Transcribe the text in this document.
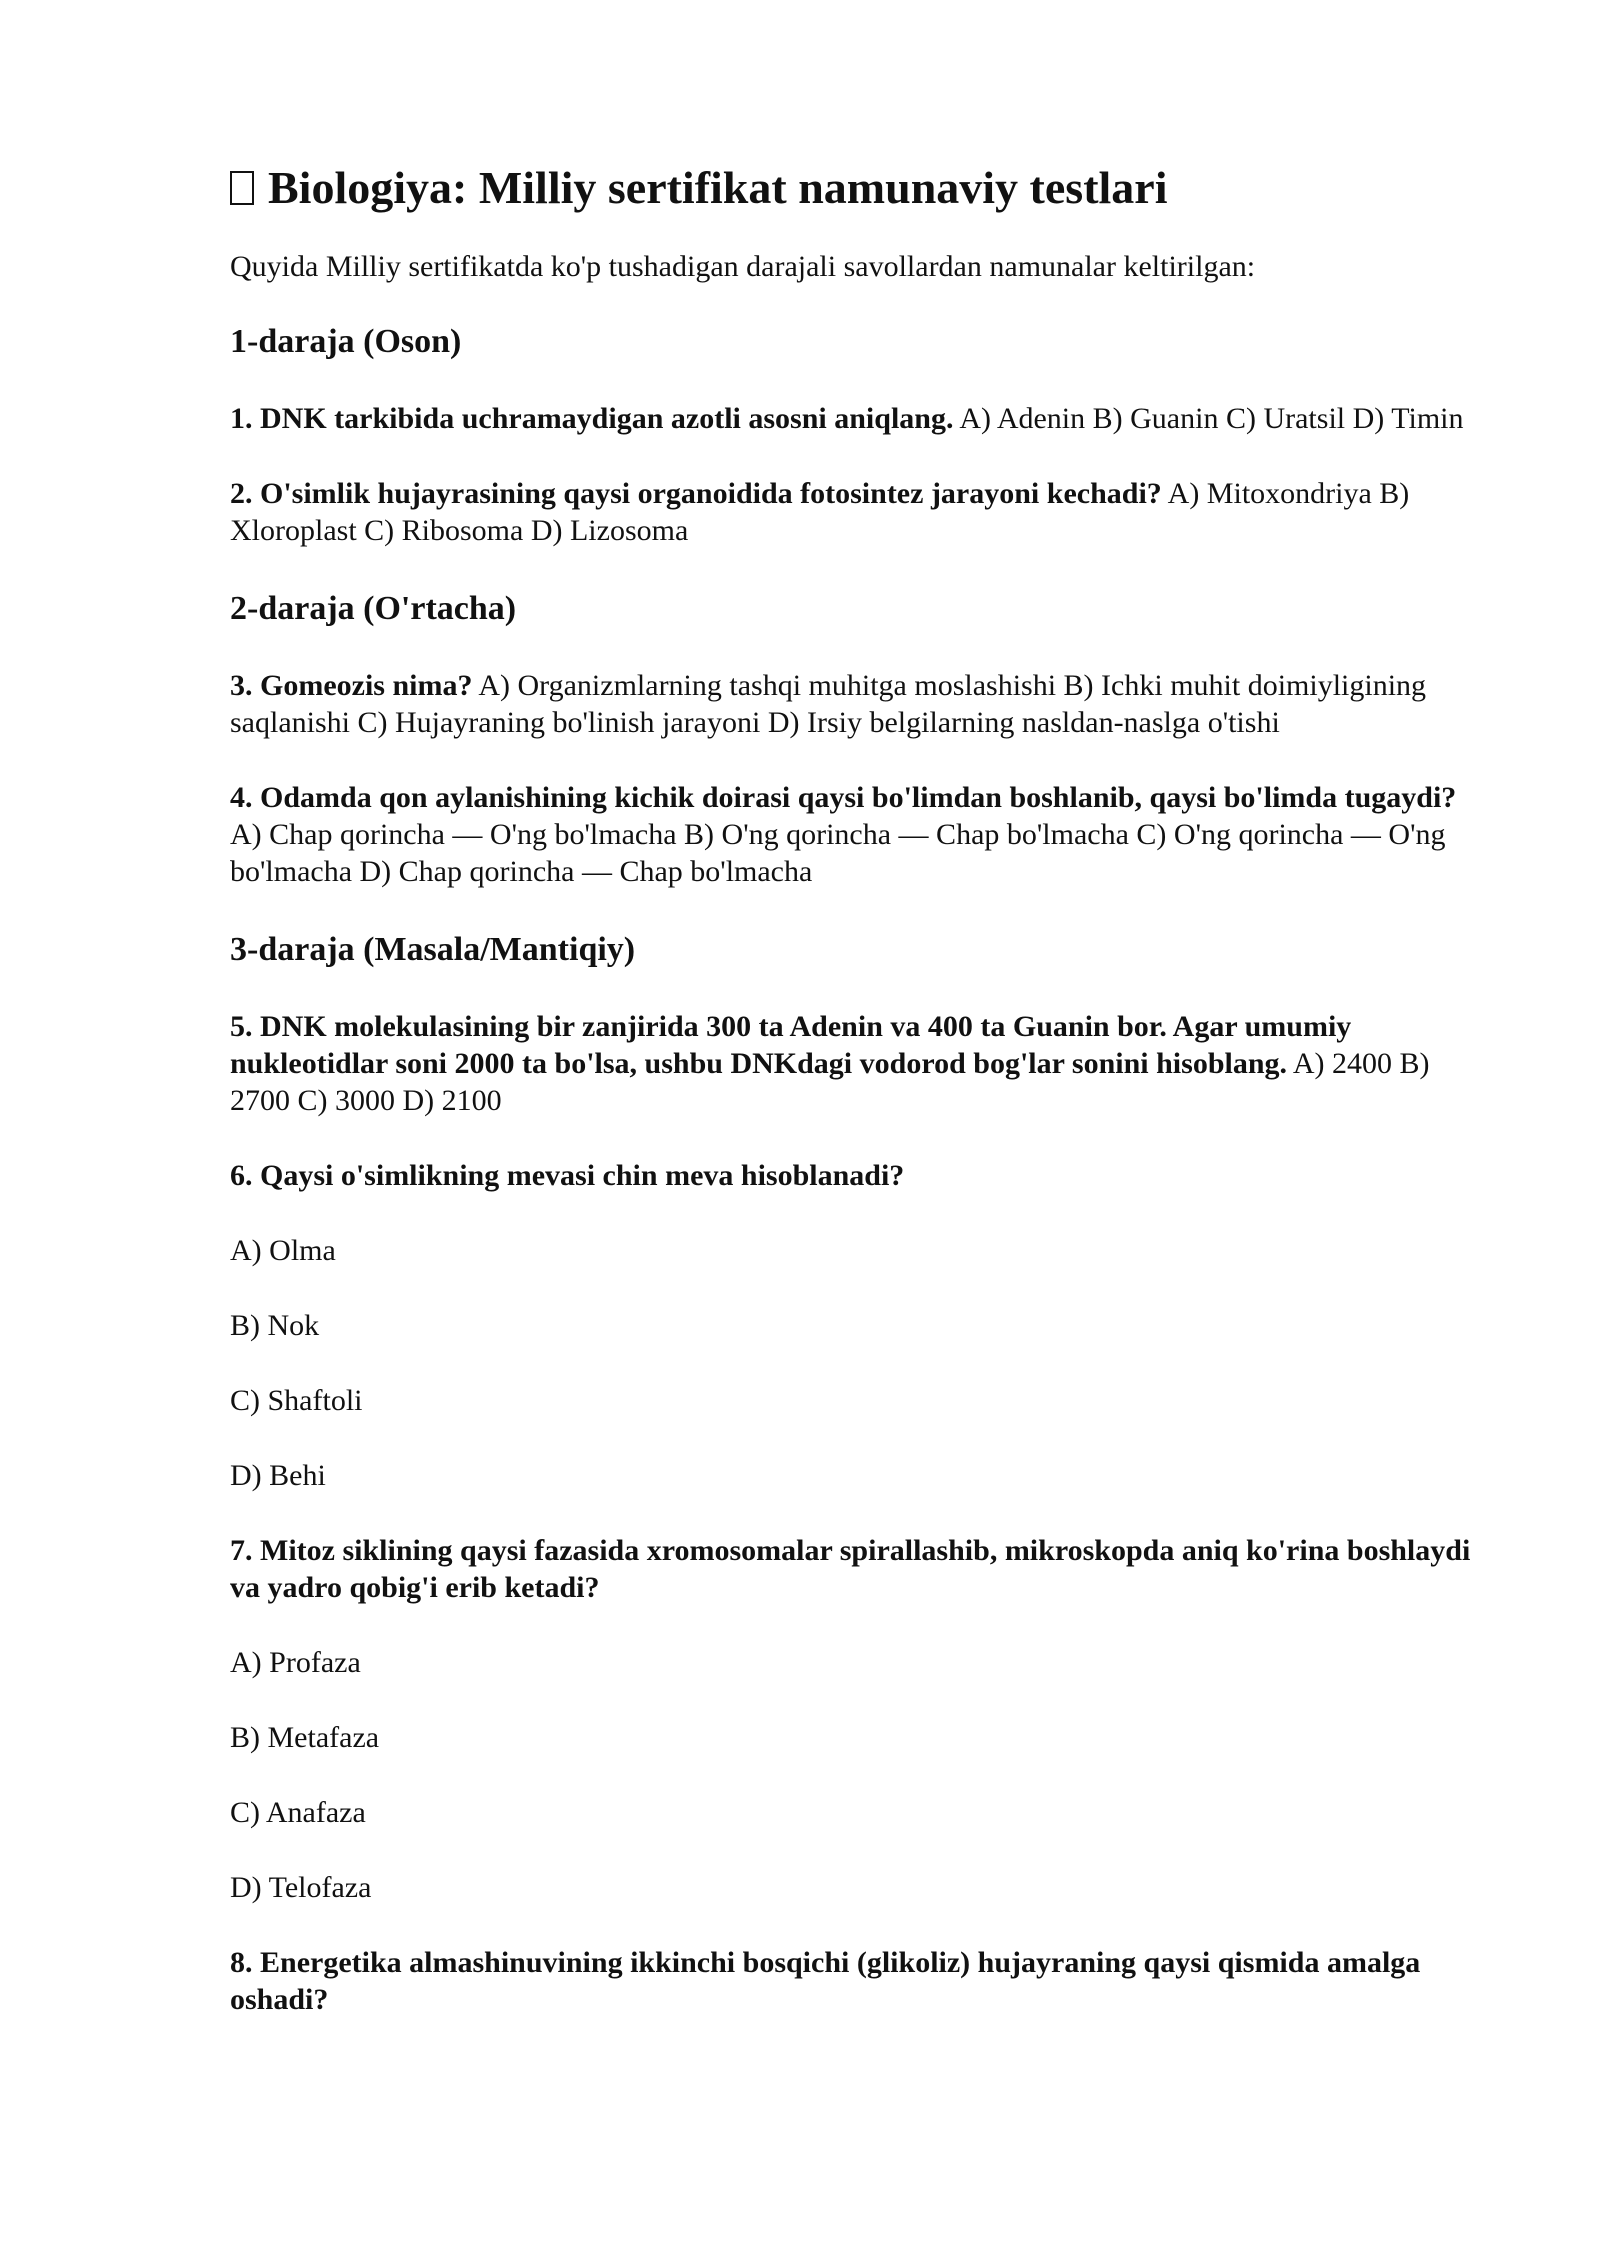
Biologiya: Milliy sertifikat namunaviy testlari

Quyida Milliy sertifikatda ko'p tushadigan darajali savollardan namunalar keltirilgan:

1-daraja (Oson)

1. DNK tarkibida uchramaydigan azotli asosni aniqlang. A) Adenin B) Guanin C) Uratsil D) Timin

2. O'simlik hujayrasining qaysi organoidida fotosintez jarayoni kechadi? A) Mitoxondriya B) Xloroplast C) Ribosoma D) Lizosoma

2-daraja (O'rtacha)

3. Gomeozis nima? A) Organizmlarning tashqi muhitga moslashishi B) Ichki muhit doimiyligining saqlanishi C) Hujayraning bo'linish jarayoni D) Irsiy belgilarning nasldan-naslga o'tishi

4. Odamda qon aylanishining kichik doirasi qaysi bo'limdan boshlanib, qaysi bo'limda tugaydi? A) Chap qorincha — O'ng bo'lmacha B) O'ng qorincha — Chap bo'lmacha C) O'ng qorincha — O'ng bo'lmacha D) Chap qorincha — Chap bo'lmacha

3-daraja (Masala/Mantiqiy)

5. DNK molekulasining bir zanjirida 300 ta Adenin va 400 ta Guanin bor. Agar umumiy nukleotidlar soni 2000 ta bo'lsa, ushbu DNKdagi vodorod bog'lar sonini hisoblang. A) 2400 B) 2700 C) 3000 D) 2100

6. Qaysi o'simlikning mevasi chin meva hisoblanadi?

A) Olma

B) Nok

C) Shaftoli

D) Behi

7. Mitoz siklining qaysi fazasida xromosomalar spirallashib, mikroskopda aniq ko'rina boshlaydi va yadro qobig'i erib ketadi?

A) Profaza

B) Metafaza

C) Anafaza

D) Telofaza

8. Energetika almashinuvining ikkinchi bosqichi (glikoliz) hujayraning qaysi qismida amalga oshadi?
